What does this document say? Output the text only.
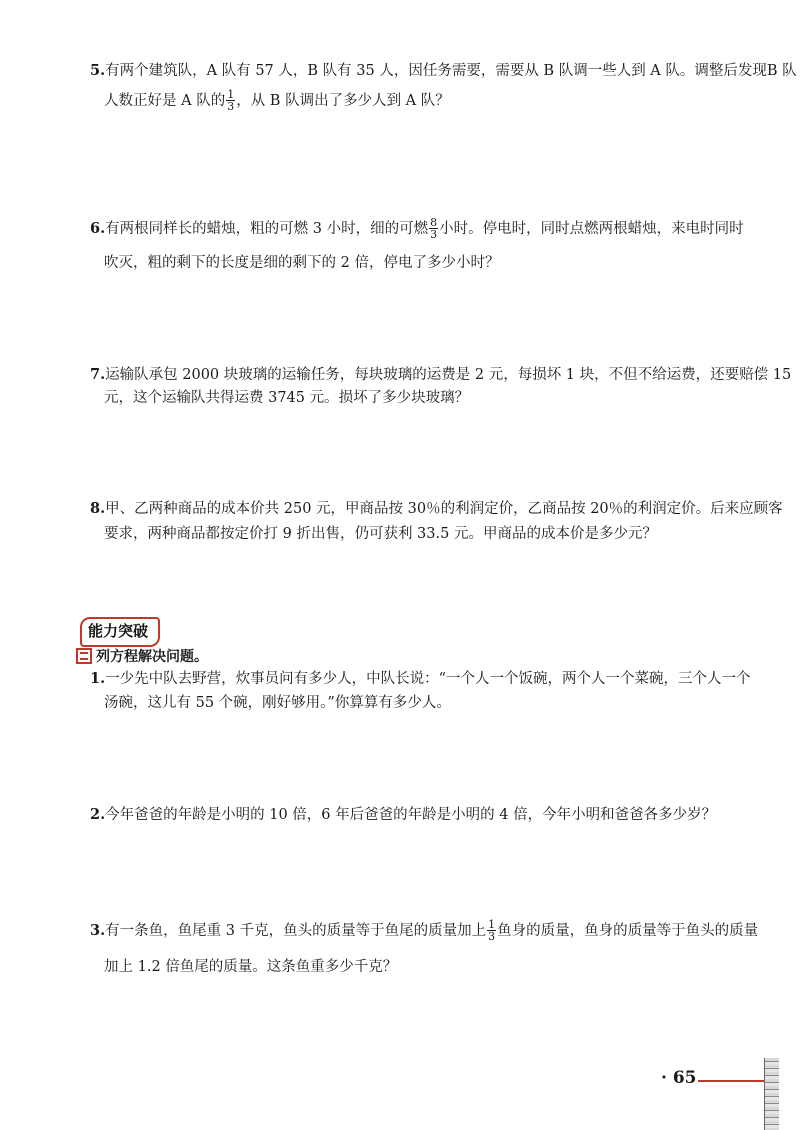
5.有两个建筑队，A 队有 57 人，B 队有 35 人，因任务需要，需要从 B 队调一些人到 A 队。调整后发现B 队
人数正好是 A 队的 $\frac{1}{3}$ ，从 B 队调出了多少人到 A 队？
6.有两根同样长的蜡烛，粗的可燃 3 小时，细的可燃 $\frac{8}{3}$ 小时。停电时，同时点燃两根蜡烛，来电时同时
吹灭，粗的剩下的长度是细的剩下的 2 倍，停电了多少小时？
7.运输队承包 2000 块玻璃的运输任务，每块玻璃的运费是 2 元，每损坏 1 块，不但不给运费，还要赔偿 15
元，这个运输队共得运费 3745 元。损坏了多少块玻璃？
8.甲、乙两种商品的成本价共 250 元，甲商品按 30％的利润定价，乙商品按 20％的利润定价。后来应顾客
要求，两种商品都按定价打 9 折出售，仍可获利 33.5 元。甲商品的成本价是多少元？
能力突破
列方程解决问题。
1.一少先中队去野营，炊事员问有多少人，中队长说：“一个人一个饭碗，两个人一个菜碗，三个人一个
汤碗，这儿有 55 个碗，刚好够用。”你算算有多少人。
2.今年爸爸的年龄是小明的 10 倍，6 年后爸爸的年龄是小明的 4 倍，今年小明和爸爸各多少岁？
3.有一条鱼，鱼尾重 3 千克，鱼头的质量等于鱼尾的质量加上 $\frac{1}{3}$ 鱼身的质量，鱼身的质量等于鱼头的质量
加上 1.2 倍鱼尾的质量。这条鱼重多少千克？
· 65
